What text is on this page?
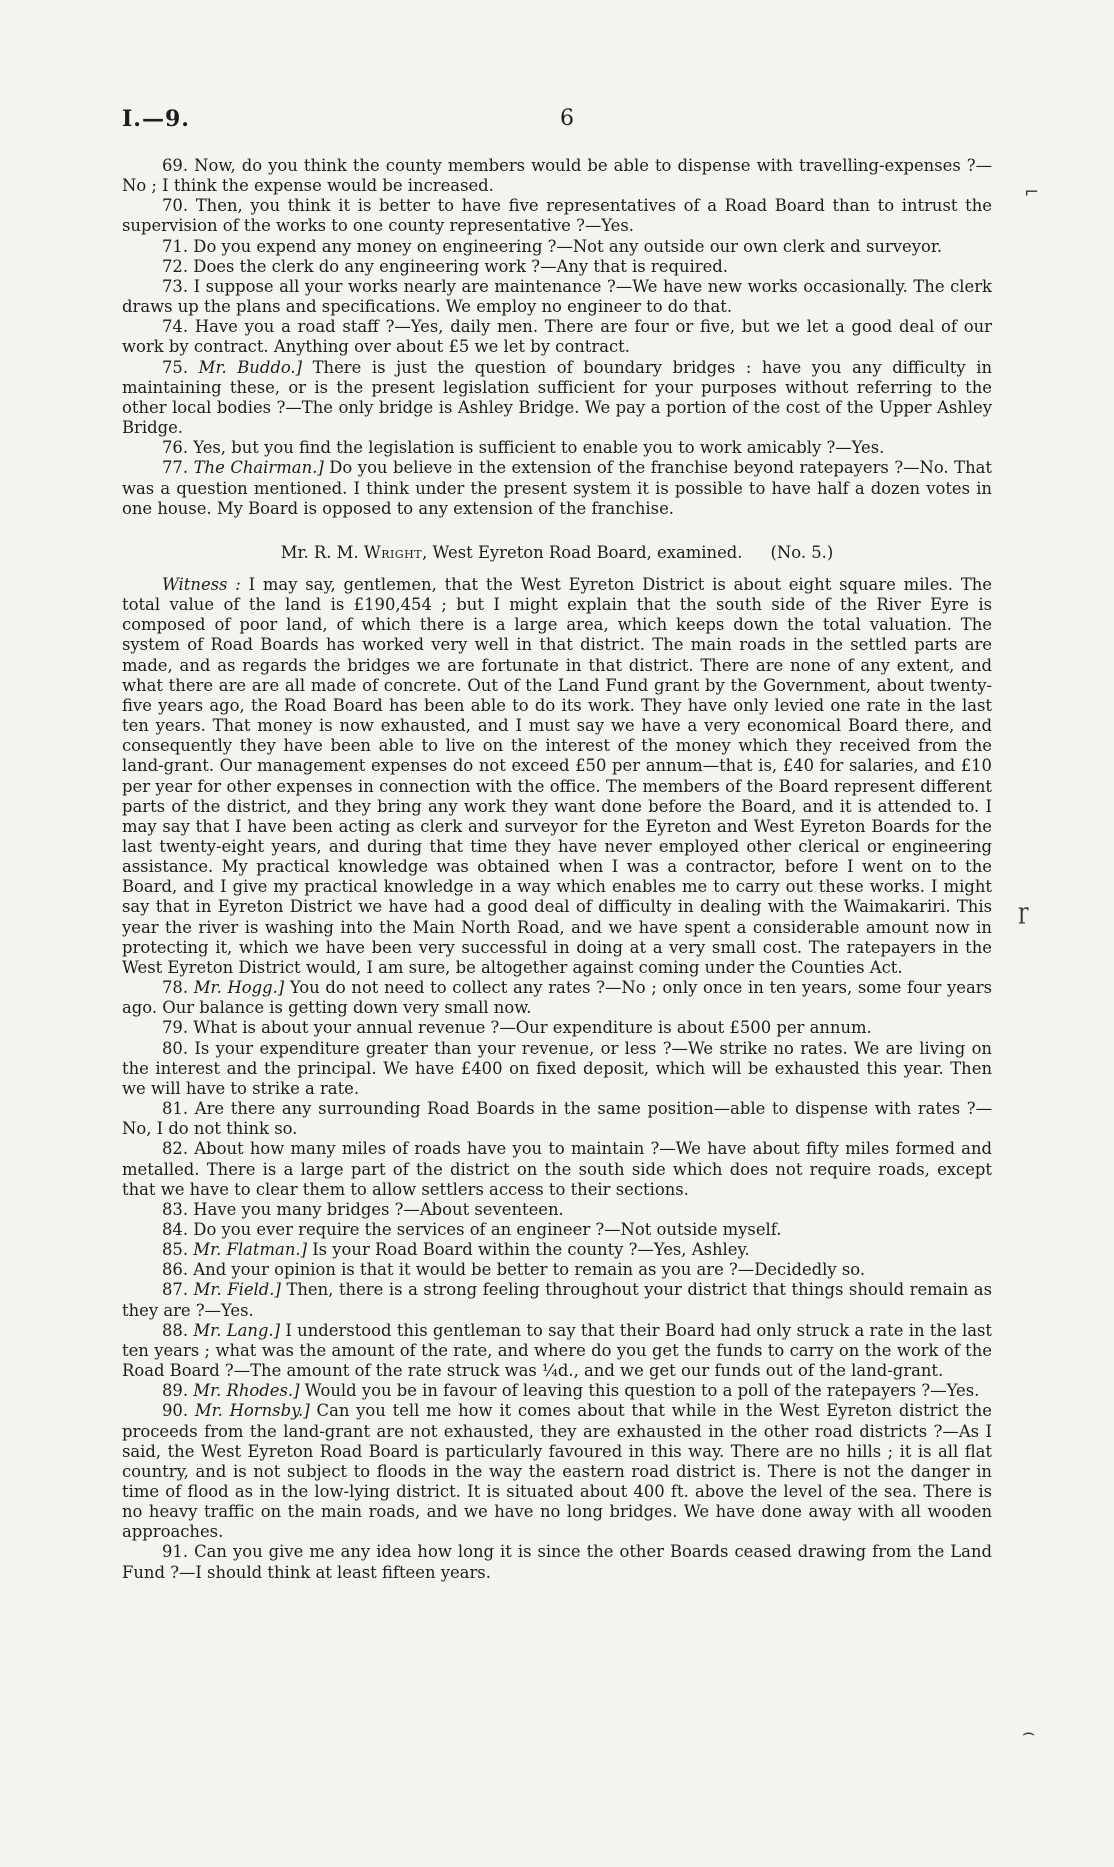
I.—9.	6

69. Now, do you think the county members would be able to dispense with travelling-expenses ?—No ; I think the expense would be increased.

70. Then, you think it is better to have five representatives of a Road Board than to intrust the supervision of the works to one county representative ?—Yes.

71. Do you expend any money on engineering ?—Not any outside our own clerk and surveyor.

72. Does the clerk do any engineering work ?—Any that is required.

73. I suppose all your works nearly are maintenance ?—We have new works occasionally. The clerk draws up the plans and specifications. We employ no engineer to do that.

74. Have you a road staff ?—Yes, daily men. There are four or five, but we let a good deal of our work by contract. Anything over about £5 we let by contract.

75. Mr. Buddo.] There is just the question of boundary bridges : have you any difficulty in maintaining these, or is the present legislation sufficient for your purposes without referring to the other local bodies ?—The only bridge is Ashley Bridge. We pay a portion of the cost of the Upper Ashley Bridge.

76. Yes, but you find the legislation is sufficient to enable you to work amicably ?—Yes.

77. The Chairman.] Do you believe in the extension of the franchise beyond ratepayers ?—No. That was a question mentioned. I think under the present system it is possible to have half a dozen votes in one house. My Board is opposed to any extension of the franchise.

Mr. R. M. Wright, West Eyreton Road Board, examined. (No. 5.)

Witness : I may say, gentlemen, that the West Eyreton District is about eight square miles. The total value of the land is £190,454 ; but I might explain that the south side of the River Eyre is composed of poor land, of which there is a large area, which keeps down the total valuation. The system of Road Boards has worked very well in that district. The main roads in the settled parts are made, and as regards the bridges we are fortunate in that district. There are none of any extent, and what there are are all made of concrete. Out of the Land Fund grant by the Government, about twenty-five years ago, the Road Board has been able to do its work. They have only levied one rate in the last ten years. That money is now exhausted, and I must say we have a very economical Board there, and consequently they have been able to live on the interest of the money which they received from the land-grant. Our management expenses do not exceed £50 per annum—that is, £40 for salaries, and £10 per year for other expenses in connection with the office. The members of the Board represent different parts of the district, and they bring any work they want done before the Board, and it is attended to. I may say that I have been acting as clerk and surveyor for the Eyreton and West Eyreton Boards for the last twenty-eight years, and during that time they have never employed other clerical or engineering assistance. My practical knowledge was obtained when I was a contractor, before I went on to the Board, and I give my practical knowledge in a way which enables me to carry out these works. I might say that in Eyreton District we have had a good deal of difficulty in dealing with the Waimakariri. This year the river is washing into the Main North Road, and we have spent a considerable amount now in protecting it, which we have been very successful in doing at a very small cost. The ratepayers in the West Eyreton District would, I am sure, be altogether against coming under the Counties Act.

78. Mr. Hogg.] You do not need to collect any rates ?—No ; only once in ten years, some four years ago. Our balance is getting down very small now.

79. What is about your annual revenue ?—Our expenditure is about £500 per annum.

80. Is your expenditure greater than your revenue, or less ?—We strike no rates. We are living on the interest and the principal. We have £400 on fixed deposit, which will be exhausted this year. Then we will have to strike a rate.

81. Are there any surrounding Road Boards in the same position—able to dispense with rates ?—No, I do not think so.

82. About how many miles of roads have you to maintain ?—We have about fifty miles formed and metalled. There is a large part of the district on the south side which does not require roads, except that we have to clear them to allow settlers access to their sections.

83. Have you many bridges ?—About seventeen.

84. Do you ever require the services of an engineer ?—Not outside myself.

85. Mr. Flatman.] Is your Road Board within the county ?—Yes, Ashley.

86. And your opinion is that it would be better to remain as you are ?—Decidedly so.

87. Mr. Field.] Then, there is a strong feeling throughout your district that things should remain as they are ?—Yes.

88. Mr. Lang.] I understood this gentleman to say that their Board had only struck a rate in the last ten years ; what was the amount of the rate, and where do you get the funds to carry on the work of the Road Board ?—The amount of the rate struck was ¼d., and we get our funds out of the land-grant.

89. Mr. Rhodes.] Would you be in favour of leaving this question to a poll of the ratepayers ?—Yes.

90. Mr. Hornsby.] Can you tell me how it comes about that while in the West Eyreton district the proceeds from the land-grant are not exhausted, they are exhausted in the other road districts ?—As I said, the West Eyreton Road Board is particularly favoured in this way. There are no hills ; it is all flat country, and is not subject to floods in the way the eastern road district is. There is not the danger in time of flood as in the low-lying district. It is situated about 400 ft. above the level of the sea. There is no heavy traffic on the main roads, and we have no long bridges. We have done away with all wooden approaches.

91. Can you give me any idea how long it is since the other Boards ceased drawing from the Land Fund ?—I should think at least fifteen years.

⌐
ɼ
⌢
